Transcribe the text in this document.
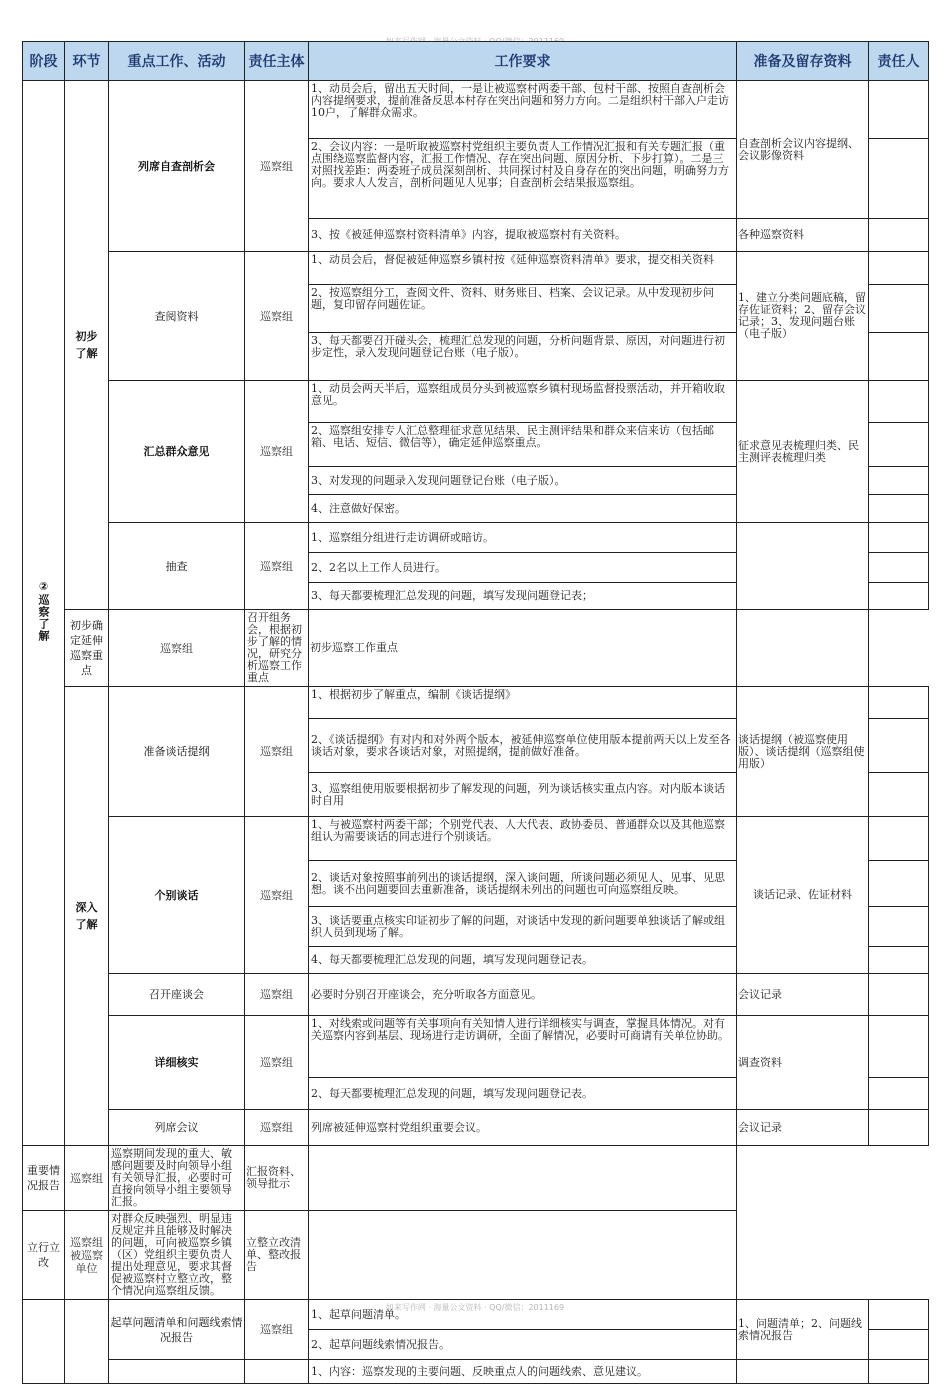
阶段	环节	重点工作、活动	责任主体	工作要求	准备及留存资料	责任人
②巡察了解	初步了解	列席自查剖析会	巡察组	1、动员会后，留出五天时间，一是让被巡察村两委干部、包村干部、按照自查剖析会内容提纲要求，提前准备反思本村存在突出问题和努力方向。二是组织村干部入户走访10户，了解群众需求。	自查剖析会议内容提纲、会议影像资料	
				2、会议内容：一是听取被巡察村党组织主要负责人工作情况汇报和有关专题汇报（重点围绕巡察监督内容，汇报工作情况、存在突出问题、原因分析、下步打算）。二是三对照找差距：两委班子成员深刻剖析、共同探讨村及自身存在的突出问题，明确努力方向。要求人人发言，剖析问题见人见事；自查剖析会结果报巡察组。		
				3、按《被延伸巡察村资料清单》内容，提取被巡察村有关资料。	各种巡察资料	
		查阅资料	巡察组	1、动员会后，督促被延伸巡察乡镇村按《延伸巡察资料清单》要求，提交相关资料	1、建立分类问题底稿，留存佐证资料；2、留存会议记录；3、发现问题台账（电子版）	
				2、按巡察组分工，查阅文件、资料、财务账目、档案、会议记录。从中发现初步问题，复印留存问题佐证。		
				3、每天都要召开碰头会，梳理汇总发现的问题，分析问题背景、原因，对问题进行初步定性，录入发现问题登记台账（电子版）。		
		汇总群众意见	巡察组	1、动员会两天半后，巡察组成员分头到被巡察乡镇村现场监督投票活动，并开箱收取意见。	征求意见表梳理归类、民主测评表梳理归类	
				2、巡察组安排专人汇总整理征求意见结果、民主测评结果和群众来信来访（包括邮箱、电话、短信、微信等），确定延伸巡察重点。		
				3、对发现的问题录入发现问题登记台账（电子版）。		
				4、注意做好保密。		
		抽查	巡察组	1、巡察组分组进行走访调研或暗访。		
				2、2名以上工作人员进行。		
				3、每天都要梳理汇总发现的问题，填写发现问题登记表；		
	初步确定延伸巡察重点	巡察组	召开组务会，根据初步了解的情况，研究分析巡察工作重点	初步巡察工作重点		
	深入了解	准备谈话提纲	巡察组	1、根据初步了解重点，编制《谈话提纲》	谈话提纲（被巡察使用版）、谈话提纲（巡察组使用版）	
				2、《谈话提纲》有对内和对外两个版本，被延伸巡察单位使用版本提前两天以上发至各谈话对象，要求各谈话对象，对照提纲，提前做好准备。		
				3、巡察组使用版要根据初步了解发现的问题，列为谈话核实重点内容。对内版本谈话时自用		
		个别谈话	巡察组	1、与被巡察村两委干部；个别党代表、人大代表、政协委员、普通群众以及其他巡察组认为需要谈话的同志进行个别谈话。	谈话记录、佐证材料	
				2、谈话对象按照事前列出的谈话提纲，深入谈问题，所谈问题必须见人、见事、见思想。谈不出问题要回去重新准备，谈话提纲未列出的问题也可向巡察组反映。		
				3、谈话要重点核实印证初步了解的问题，对谈话中发现的新问题要单独谈话了解或组织人员到现场了解。		
				4、每天都要梳理汇总发现的问题，填写发现问题登记表。		
		召开座谈会	巡察组	必要时分别召开座谈会，充分听取各方面意见。	会议记录	
		详细核实	巡察组	1、对线索或问题等有关事项向有关知情人进行详细核实与调查，掌握具体情况。对有关巡察内容到基层、现场进行走访调研，全面了解情况，必要时可商请有关单位协助。	调查资料	
				2、每天都要梳理汇总发现的问题，填写发现问题登记表。		
		列席会议	巡察组	列席被延伸巡察村党组织重要会议。	会议记录	
重要情况报告	巡察组	巡察期间发现的重大、敏感问题要及时向领导小组有关领导汇报，必要时可直接向领导小组主要领导汇报。	汇报资料、领导批示			
立行立改	巡察组 被巡察单位	对群众反映强烈、明显违反规定并且能够及时解决的问题，可向被巡察乡镇（区）党组织主要负责人提出处理意见，要求其督促被巡察村立整立改，整个情况向巡察组反馈。	立整立改清单、整改报告			
		起草问题清单和问题线索情况报告	巡察组	1、起草问题清单。	1、问题清单；2、问题线索情况报告	
				2、起草问题线索情况报告。		
				1、内容：巡察发现的主要问题、反映重点人的问题线索、意见建议。		
如来写作网 · 海量公文资料 · QQ/微信：2011169
